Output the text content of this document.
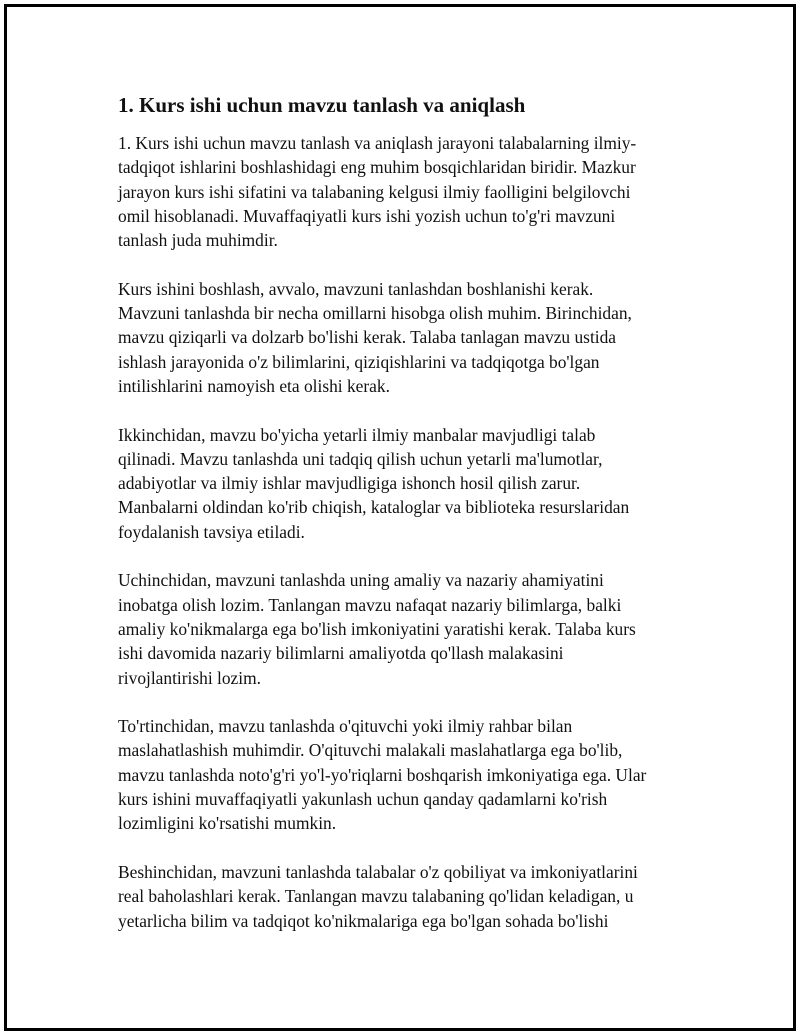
1. Kurs ishi uchun mavzu tanlash va aniqlash

1. Kurs ishi uchun mavzu tanlash va aniqlash jarayoni talabalarning ilmiy-
tadqiqot ishlarini boshlashidagi eng muhim bosqichlaridan biridir. Mazkur
jarayon kurs ishi sifatini va talabaning kelgusi ilmiy faolligini belgilovchi
omil hisoblanadi. Muvaffaqiyatli kurs ishi yozish uchun to'g'ri mavzuni
tanlash juda muhimdir.

Kurs ishini boshlash, avvalo, mavzuni tanlashdan boshlanishi kerak.
Mavzuni tanlashda bir necha omillarni hisobga olish muhim. Birinchidan,
mavzu qiziqarli va dolzarb bo'lishi kerak. Talaba tanlagan mavzu ustida
ishlash jarayonida o'z bilimlarini, qiziqishlarini va tadqiqotga bo'lgan
intilishlarini namoyish eta olishi kerak.

Ikkinchidan, mavzu bo'yicha yetarli ilmiy manbalar mavjudligi talab
qilinadi. Mavzu tanlashda uni tadqiq qilish uchun yetarli ma'lumotlar,
adabiyotlar va ilmiy ishlar mavjudligiga ishonch hosil qilish zarur.
Manbalarni oldindan ko'rib chiqish, kataloglar va biblioteka resurslaridan
foydalanish tavsiya etiladi.

Uchinchidan, mavzuni tanlashda uning amaliy va nazariy ahamiyatini
inobatga olish lozim. Tanlangan mavzu nafaqat nazariy bilimlarga, balki
amaliy ko'nikmalarga ega bo'lish imkoniyatini yaratishi kerak. Talaba kurs
ishi davomida nazariy bilimlarni amaliyotda qo'llash malakasini
rivojlantirishi lozim.

To'rtinchidan, mavzu tanlashda o'qituvchi yoki ilmiy rahbar bilan
maslahatlashish muhimdir. O'qituvchi malakali maslahatlarga ega bo'lib,
mavzu tanlashda noto'g'ri yo'l-yo'riqlarni boshqarish imkoniyatiga ega. Ular
kurs ishini muvaffaqiyatli yakunlash uchun qanday qadamlarni ko'rish
lozimligini ko'rsatishi mumkin.

Beshinchidan, mavzuni tanlashda talabalar o'z qobiliyat va imkoniyatlarini
real baholashlari kerak. Tanlangan mavzu talabaning qo'lidan keladigan, u
yetarlicha bilim va tadqiqot ko'nikmalariga ega bo'lgan sohada bo'lishi
